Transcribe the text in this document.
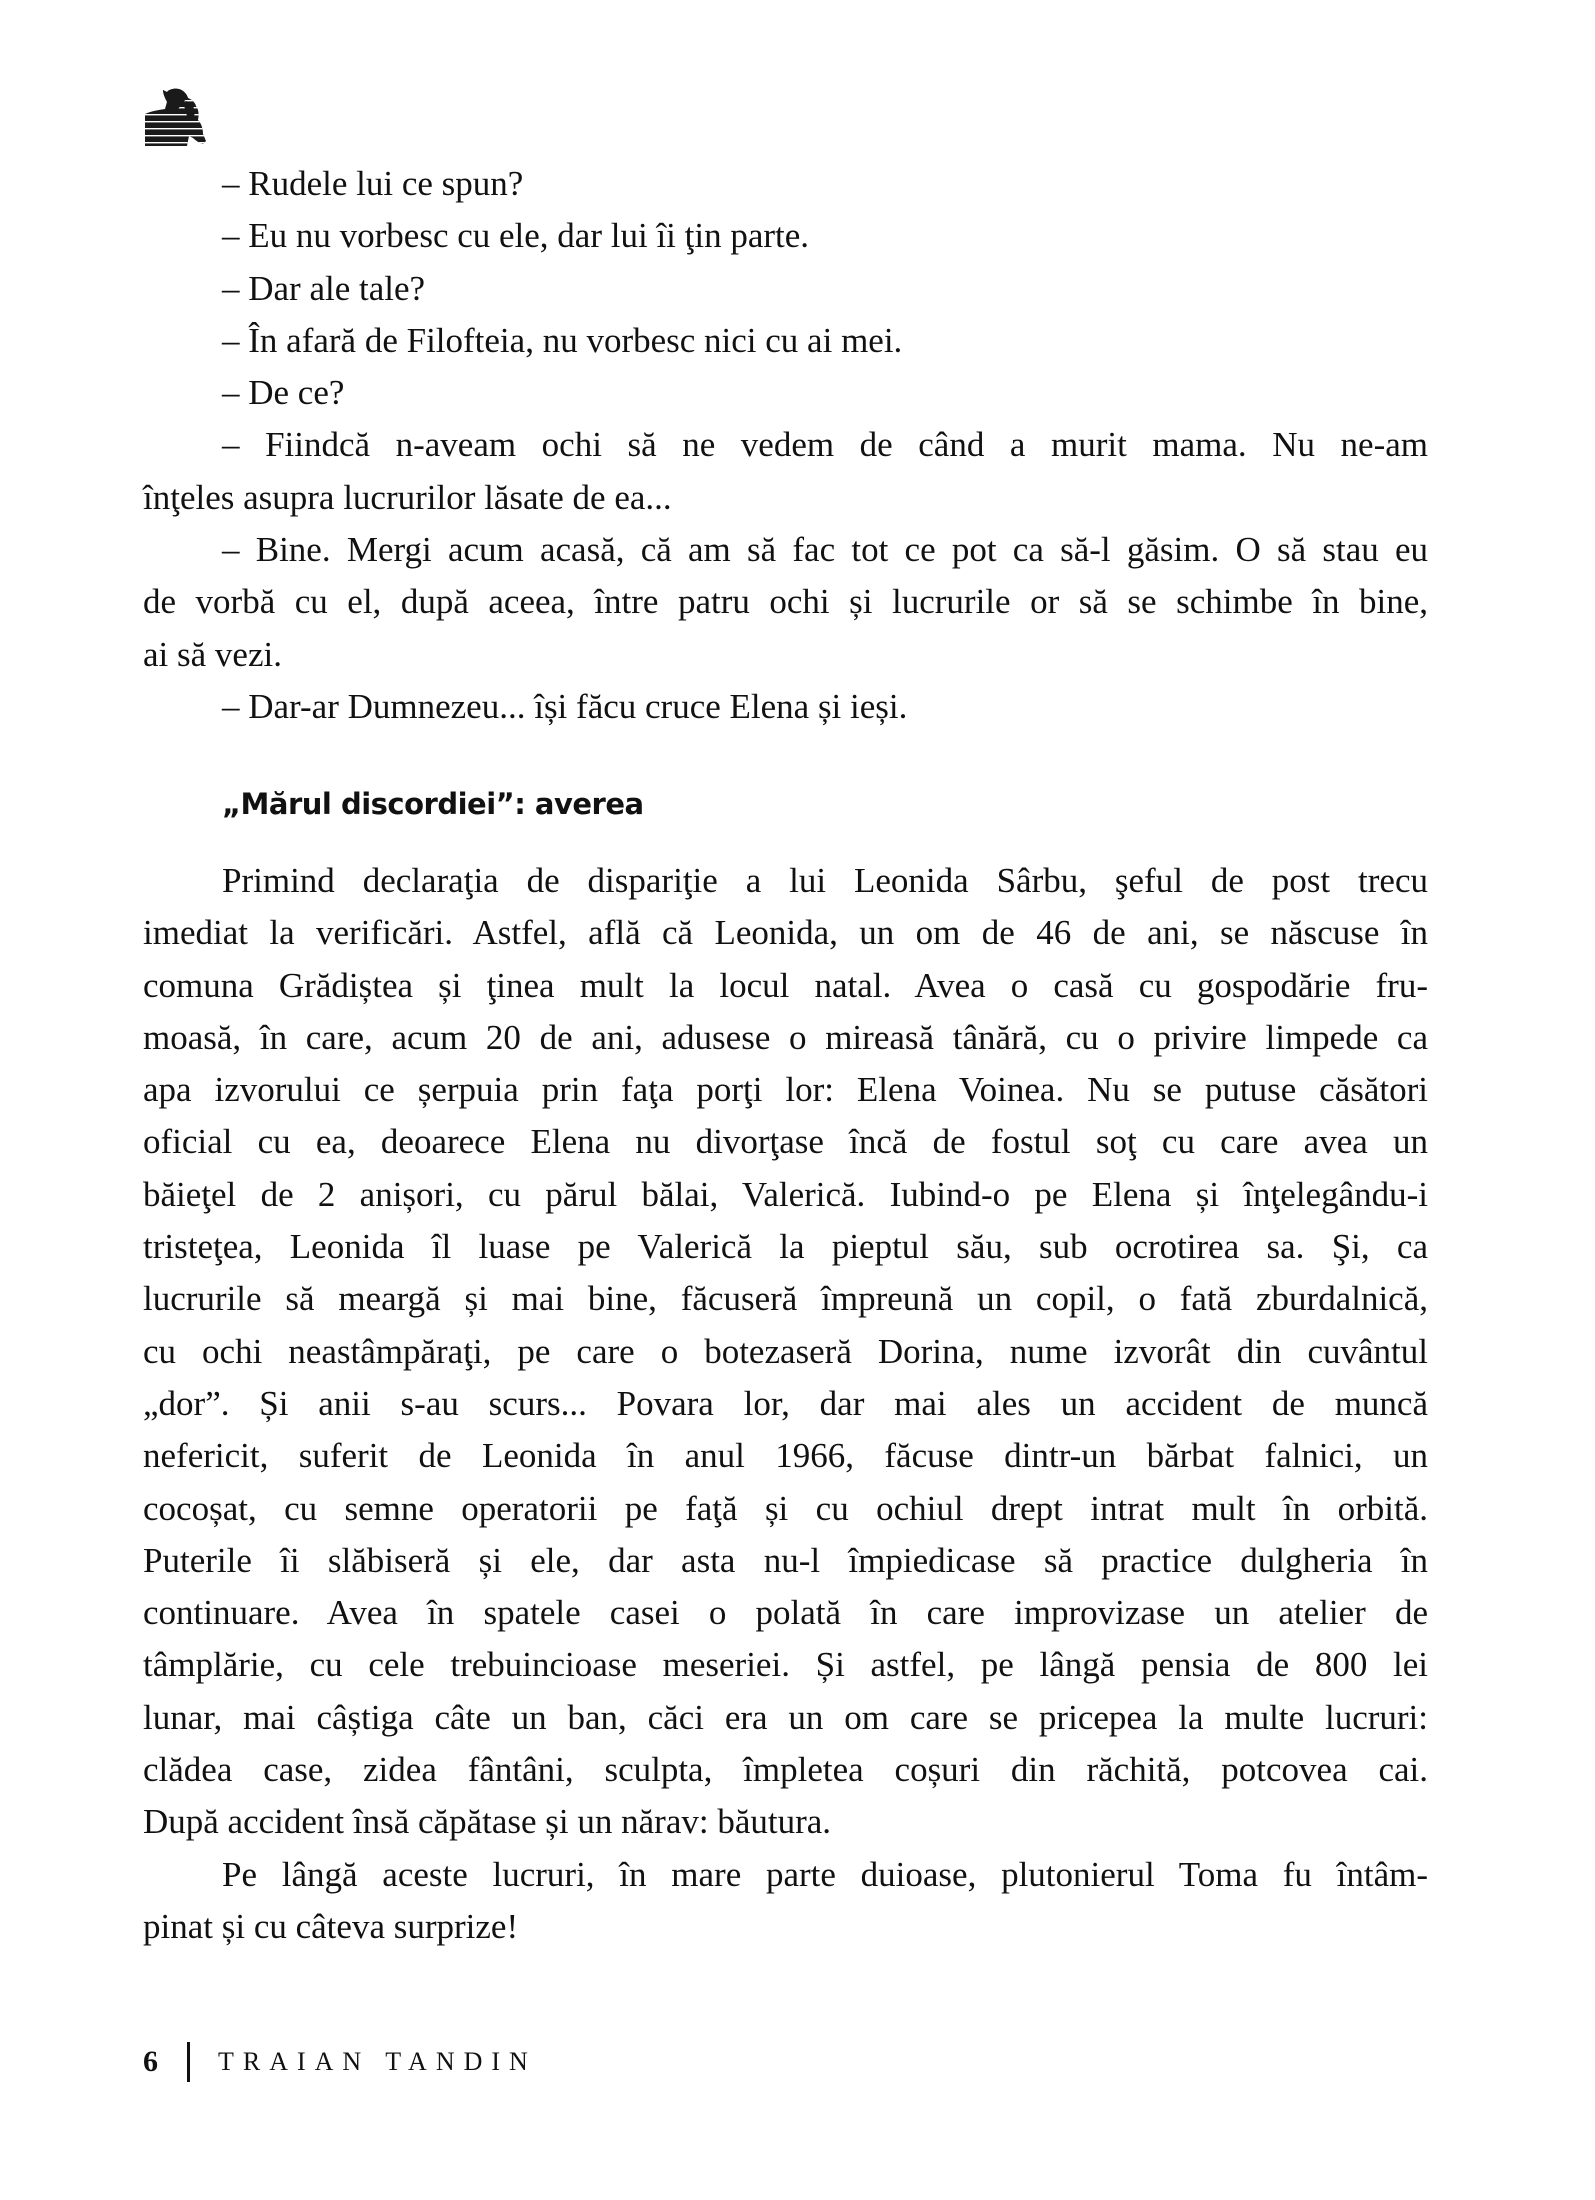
– Rudele lui ce spun?
– Eu nu vorbesc cu ele, dar lui îi ţin parte.
– Dar ale tale?
– În afară de Filofteia, nu vorbesc nici cu ai mei.
– De ce?
– Fiindcă n-aveam ochi să ne vedem de când a murit mama. Nu ne-am
înţeles asupra lucrurilor lăsate de ea...
– Bine. Mergi acum acasă, că am să fac tot ce pot ca să-l găsim. O să stau eu
de vorbă cu el, după aceea, între patru ochi și lucrurile or să se schimbe în bine,
ai să vezi.
– Dar-ar Dumnezeu... își făcu cruce Elena și ieși.
„Mărul discordiei”: averea
Primind declaraţia de dispariţie a lui Leonida Sârbu, şeful de post trecu
imediat la verificări. Astfel, află că Leonida, un om de 46 de ani, se născuse în
comuna Grădiștea și ţinea mult la locul natal. Avea o casă cu gospodărie fru-
moasă, în care, acum 20 de ani, adusese o mireasă tânără, cu o privire limpede ca
apa izvorului ce șerpuia prin faţa porţi lor: Elena Voinea. Nu se putuse căsători
oficial cu ea, deoarece Elena nu divorţase încă de fostul soţ cu care avea un
băieţel de 2 anișori, cu părul bălai, Valerică. Iubind-o pe Elena și înţelegându-i
tristeţea, Leonida îl luase pe Valerică la pieptul său, sub ocrotirea sa. Şi, ca
lucrurile să meargă și mai bine, făcuseră împreună un copil, o fată zburdalnică,
cu ochi neastâmpăraţi, pe care o botezaseră Dorina, nume izvorât din cuvântul
„dor”. Și anii s-au scurs... Povara lor, dar mai ales un accident de muncă
nefericit, suferit de Leonida în anul 1966, făcuse dintr-un bărbat falnici, un
cocoșat, cu semne operatorii pe faţă și cu ochiul drept intrat mult în orbită.
Puterile îi slăbiseră și ele, dar asta nu-l împiedicase să practice dulgheria în
continuare. Avea în spatele casei o polată în care improvizase un atelier de
tâmplărie, cu cele trebuincioase meseriei. Și astfel, pe lângă pensia de 800 lei
lunar, mai câștiga câte un ban, căci era un om care se pricepea la multe lucruri:
clădea case, zidea fântâni, sculpta, împletea coșuri din răchită, potcovea cai.
După accident însă căpătase și un nărav: băutura.
Pe lângă aceste lucruri, în mare parte duioase, plutonierul Toma fu întâm-
pinat și cu câteva surprize!
6	TRAIAN TANDIN
